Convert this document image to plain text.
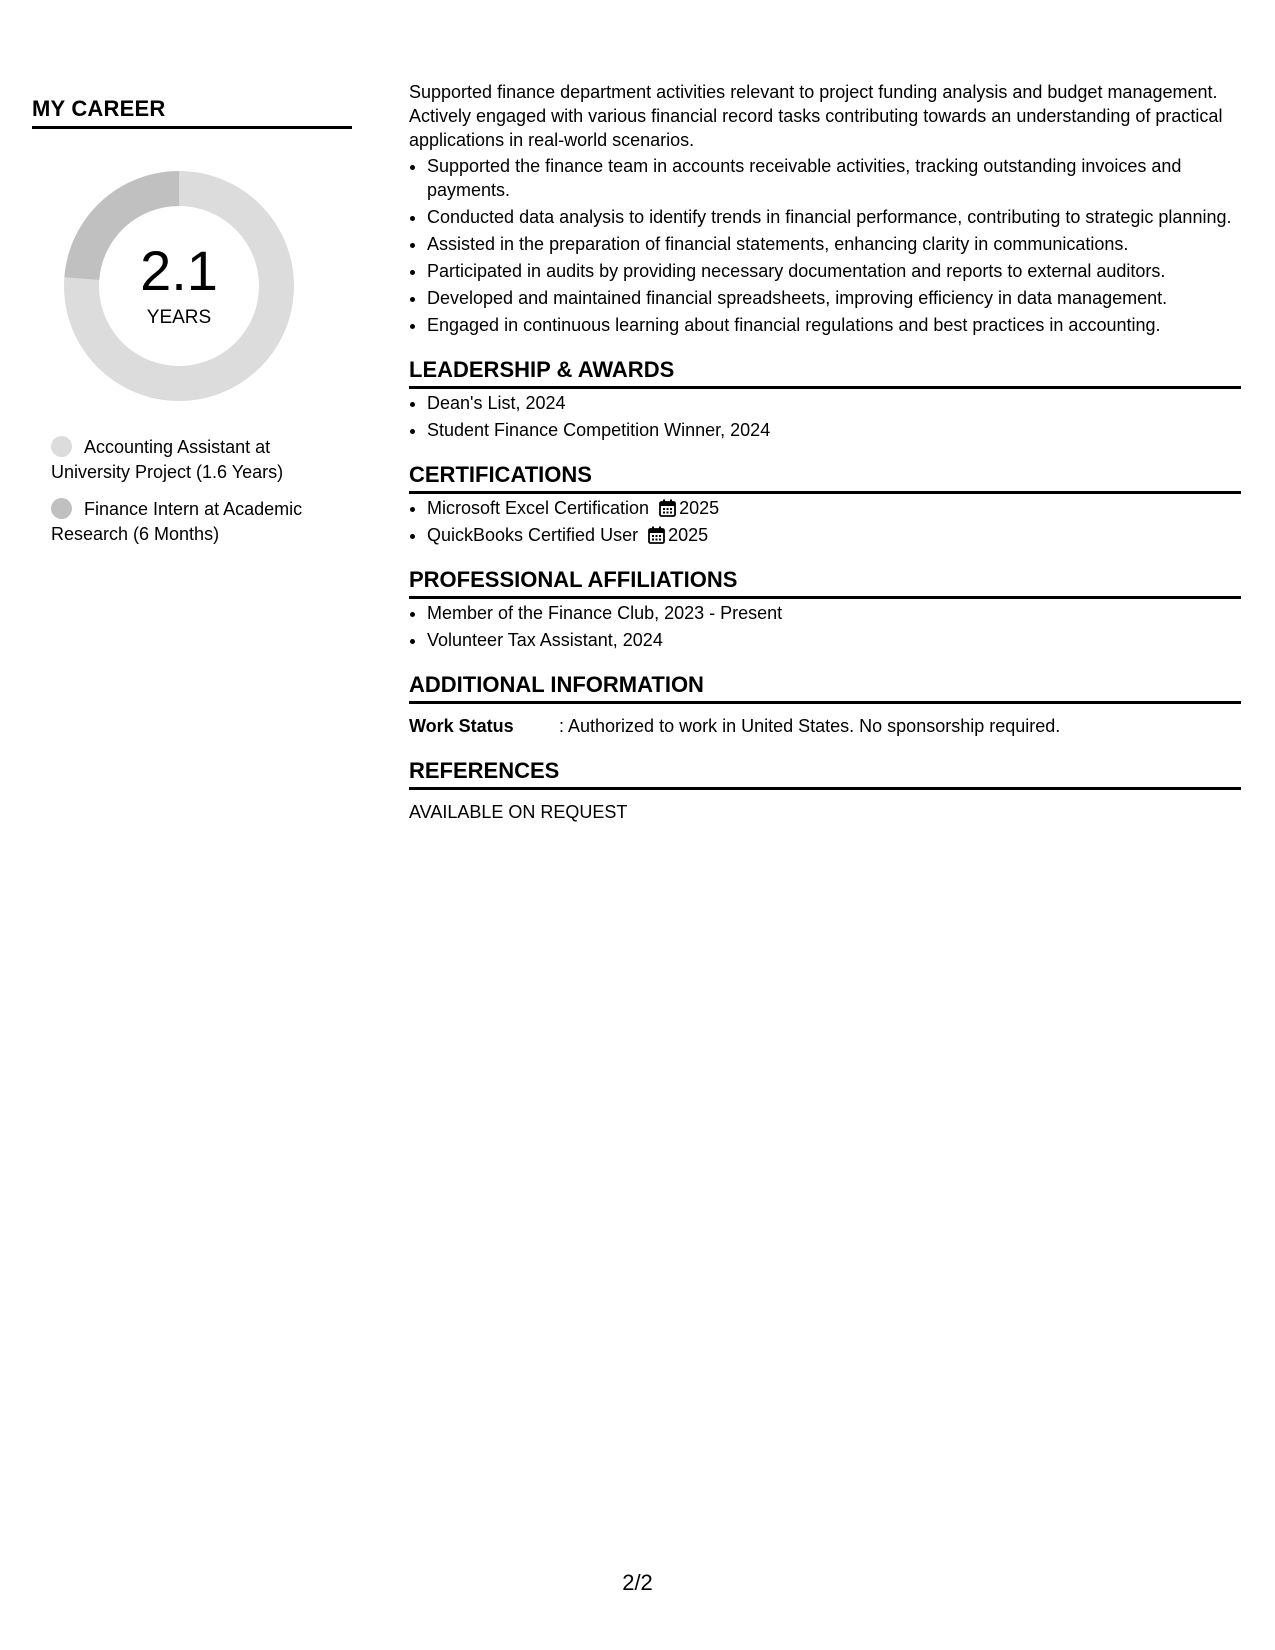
MY CAREER
2.1
YEARS
Accounting Assistant at University Project (1.6 Years)
Finance Intern at Academic Research (6 Months)

Supported finance department activities relevant to project funding analysis and budget management. Actively engaged with various financial record tasks contributing towards an understanding of practical applications in real-world scenarios.

• Supported the finance team in accounts receivable activities, tracking outstanding invoices and payments.
• Conducted data analysis to identify trends in financial performance, contributing to strategic planning.
• Assisted in the preparation of financial statements, enhancing clarity in communications.
• Participated in audits by providing necessary documentation and reports to external auditors.
• Developed and maintained financial spreadsheets, improving efficiency in data management.
• Engaged in continuous learning about financial regulations and best practices in accounting.
LEADERSHIP & AWARDS
• Dean's List, 2024
• Student Finance Competition Winner, 2024
CERTIFICATIONS
• Microsoft Excel Certification 2025
• QuickBooks Certified User 2025
PROFESSIONAL AFFILIATIONS
• Member of the Finance Club, 2023 - Present
• Volunteer Tax Assistant, 2024
ADDITIONAL INFORMATION
Work Status	: Authorized to work in United States. No sponsorship required.
REFERENCES
AVAILABLE ON REQUEST
2/2
